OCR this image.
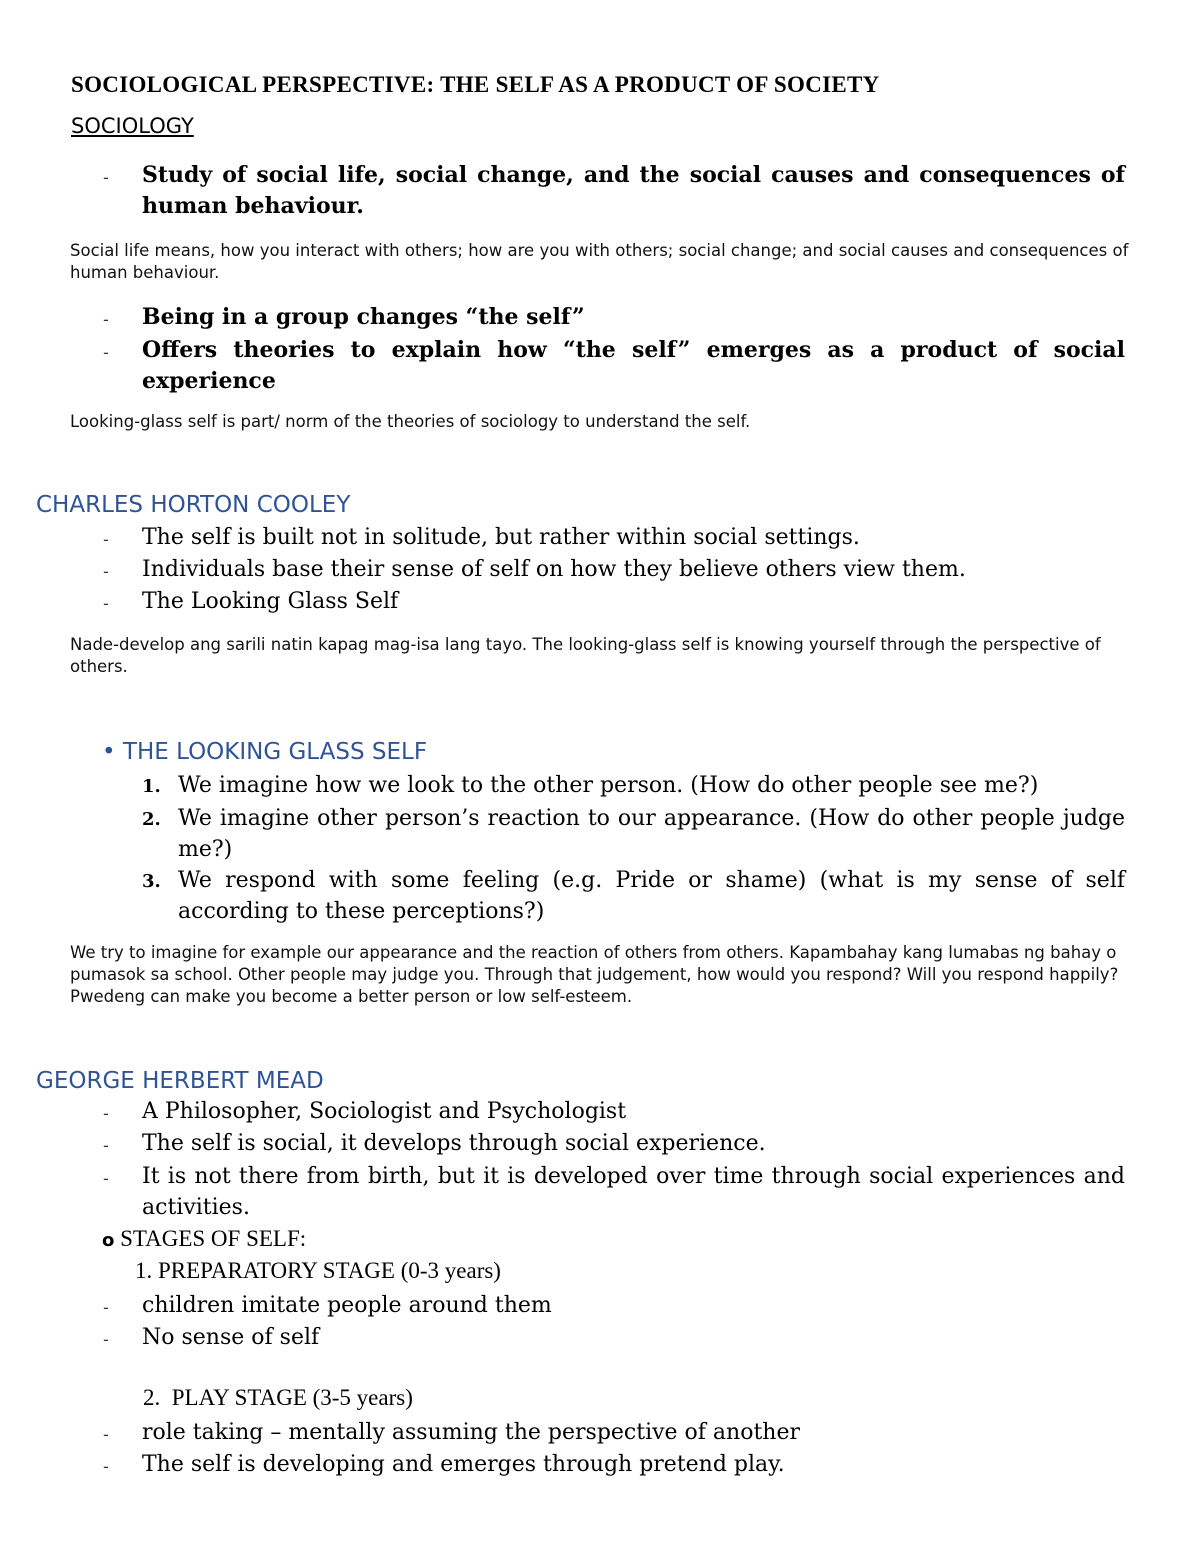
SOCIOLOGICAL PERSPECTIVE: THE SELF AS A PRODUCT OF SOCIETY
SOCIOLOGY
- Study of social life, social change, and the social causes and consequences of human behaviour.
Social life means, how you interact with others; how are you with others; social change; and social causes and consequences of human behaviour.
- Being in a group changes “the self”
- Offers theories to explain how “the self” emerges as a product of social experience
Looking-glass self is part/ norm of the theories of sociology to understand the self.
CHARLES HORTON COOLEY
- The self is built not in solitude, but rather within social settings.
- Individuals base their sense of self on how they believe others view them.
- The Looking Glass Self
Nade-develop ang sarili natin kapag mag-isa lang tayo. The looking-glass self is knowing yourself through the perspective of others.
• THE LOOKING GLASS SELF
1. We imagine how we look to the other person. (How do other people see me?)
2. We imagine other person’s reaction to our appearance. (How do other people judge me?)
3. We respond with some feeling (e.g. Pride or shame) (what is my sense of self according to these perceptions?)
We try to imagine for example our appearance and the reaction of others from others. Kapambahay kang lumabas ng bahay o pumasok sa school. Other people may judge you. Through that judgement, how would you respond? Will you respond happily? Pwedeng can make you become a better person or low self-esteem.
GEORGE HERBERT MEAD
- A Philosopher, Sociologist and Psychologist
- The self is social, it develops through social experience.
- It is not there from birth, but it is developed over time through social experiences and activities.
o STAGES OF SELF:
1. PREPARATORY STAGE (0-3 years)
- children imitate people around them
- No sense of self
2. PLAY STAGE (3-5 years)
- role taking – mentally assuming the perspective of another
- The self is developing and emerges through pretend play.
